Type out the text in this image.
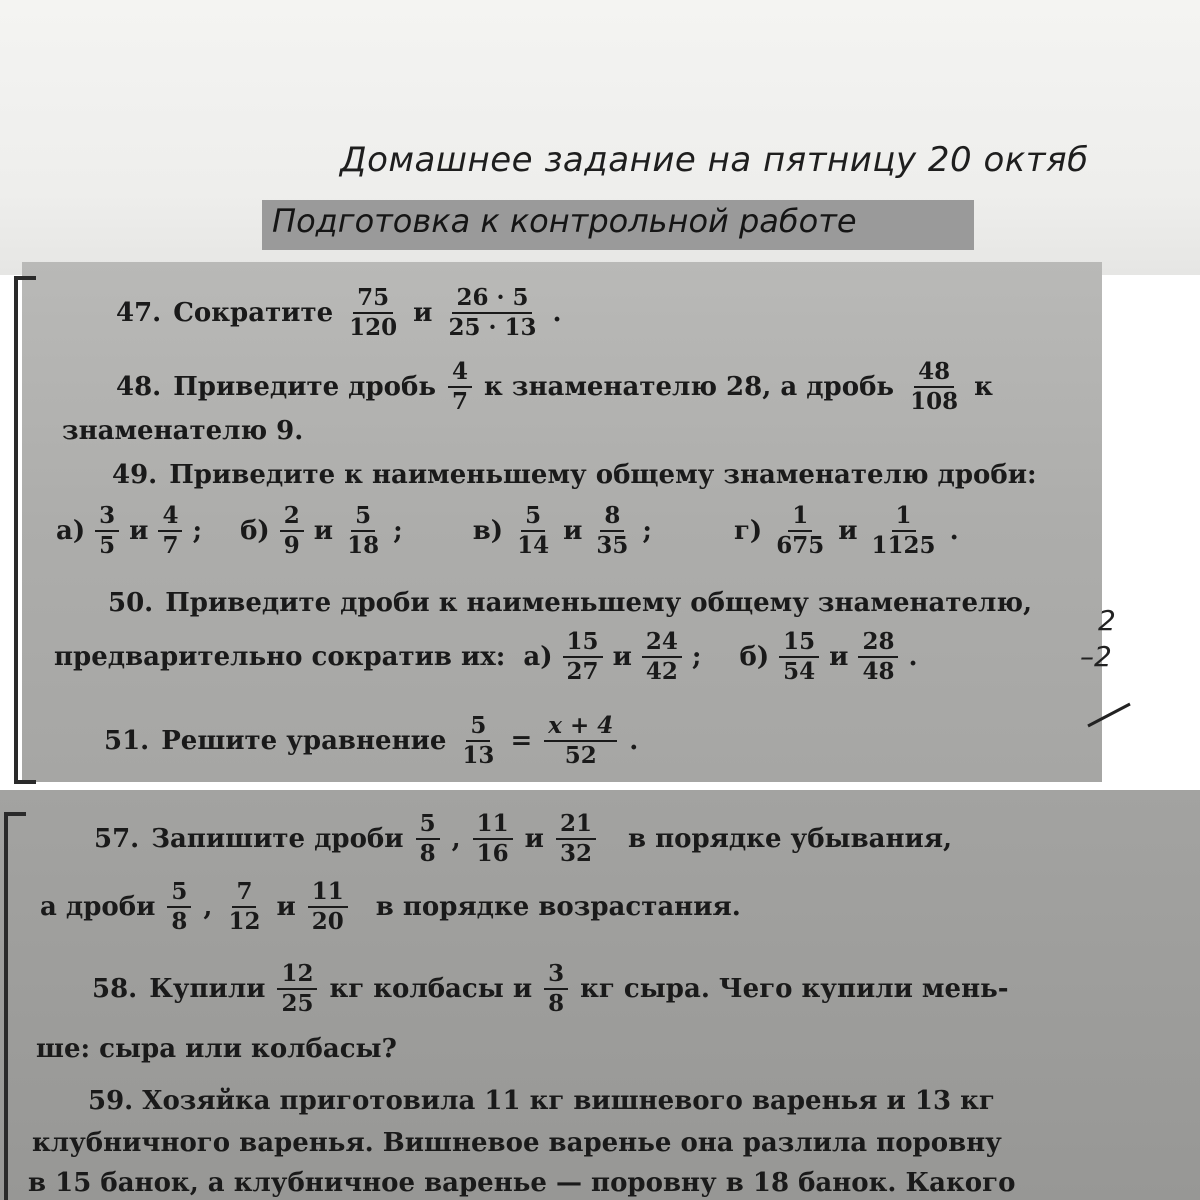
Домашнее задание на пятницу 20 октяб
Подготовка к контрольной работе
47. Сократите $\frac{75}{120}$ и $\frac{26 \cdot 5}{25 \cdot 13}$ .
48. Приведите дробь $\frac{4}{7}$ к знаменателю 28, а дробь $\frac{48}{108}$ к
знаменателю 9.
49. Приведите к наименьшему общему знаменателю дроби:
$а) \frac{3}{5}$ и $\frac{4}{7}$ ; $б) \frac{2}{9}$ и $\frac{5}{18}$ ;	$в) \frac{5}{14}$ и $\frac{8}{35}$ ;	$г) \frac{1}{675}$ и $\frac{1}{1125}$ .
50. Приведите дроби к наименьшему общему знаменателю,
предварительно сократив их: $а) \frac{15}{27}$ и $\frac{24}{42}$ ; $б) \frac{15}{54}$ и $\frac{28}{48}$ .
51. Решите уравнение $\frac{5}{13} = \frac{x + 4}{52}$ .
57. Запишите дроби $\frac{5}{8}$ , $\frac{11}{16}$ и $\frac{21}{32}$ в порядке убывания,
а дроби $\frac{5}{8}$ , $\frac{7}{12}$ и $\frac{11}{20}$ в порядке возрастания.
58. Купили $\frac{12}{25}$ кг колбасы и $\frac{3}{8}$ кг сыра. Чего купили мень-
ше: сыра или колбасы?
59. Хозяйка приготовила 11 кг вишневого варенья и 13 кг
клубничного варенья. Вишневое варенье она разлила поровну
в 15 банок, а клубничное варенье — поровну в 18 банок. Какого
2
–2
